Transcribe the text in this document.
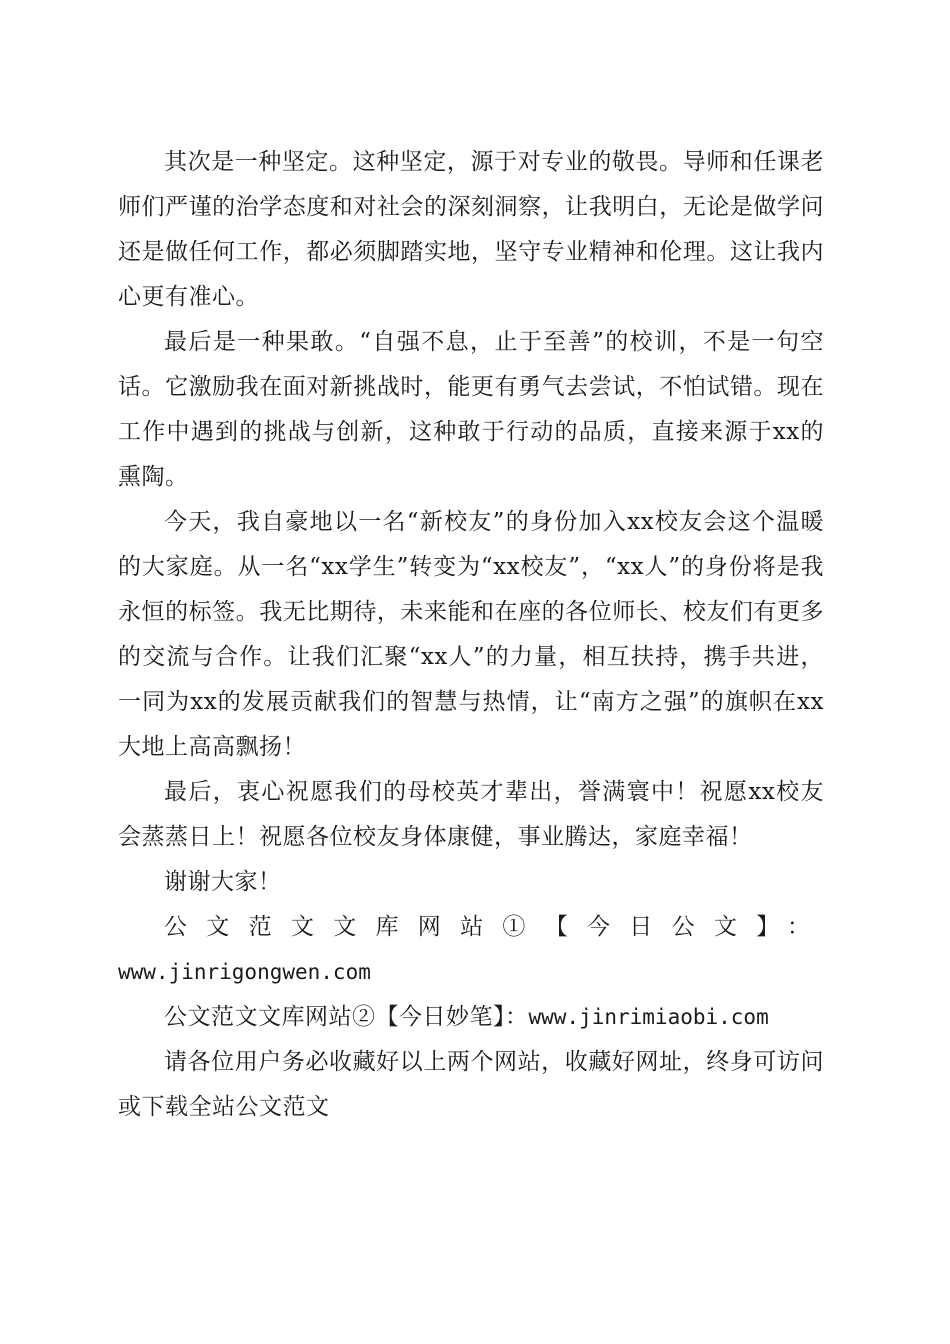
其次是一种坚定。这种坚定，源于对专业的敬畏。导师和任课老师们严谨的治学态度和对社会的深刻洞察，让我明白，无论是做学问还是做任何工作，都必须脚踏实地，坚守专业精神和伦理。这让我内心更有准心。

最后是一种果敢。“自强不息，止于至善”的校训，不是一句空话。它激励我在面对新挑战时，能更有勇气去尝试，不怕试错。现在工作中遇到的挑战与创新，这种敢于行动的品质，直接来源于xx的熏陶。

今天，我自豪地以一名“新校友”的身份加入xx校友会这个温暖的大家庭。从一名“xx学生”转变为“xx校友”，“xx人”的身份将是我永恒的标签。我无比期待，未来能和在座的各位师长、校友们有更多的交流与合作。让我们汇聚“xx人”的力量，相互扶持，携手共进，一同为xx的发展贡献我们的智慧与热情，让“南方之强”的旗帜在xx大地上高高飘扬！

最后，衷心祝愿我们的母校英才辈出，誉满寰中！祝愿xx校友会蒸蒸日上！祝愿各位校友身体康健，事业腾达，家庭幸福！

谢谢大家！

公文范文文库网站①【今日公文】：

www.jinrigongwen.com

公文范文文库网站②【今日妙笔】：www.jinrimiaobi.com

请各位用户务必收藏好以上两个网站，收藏好网址，终身可访问或下载全站公文范文
